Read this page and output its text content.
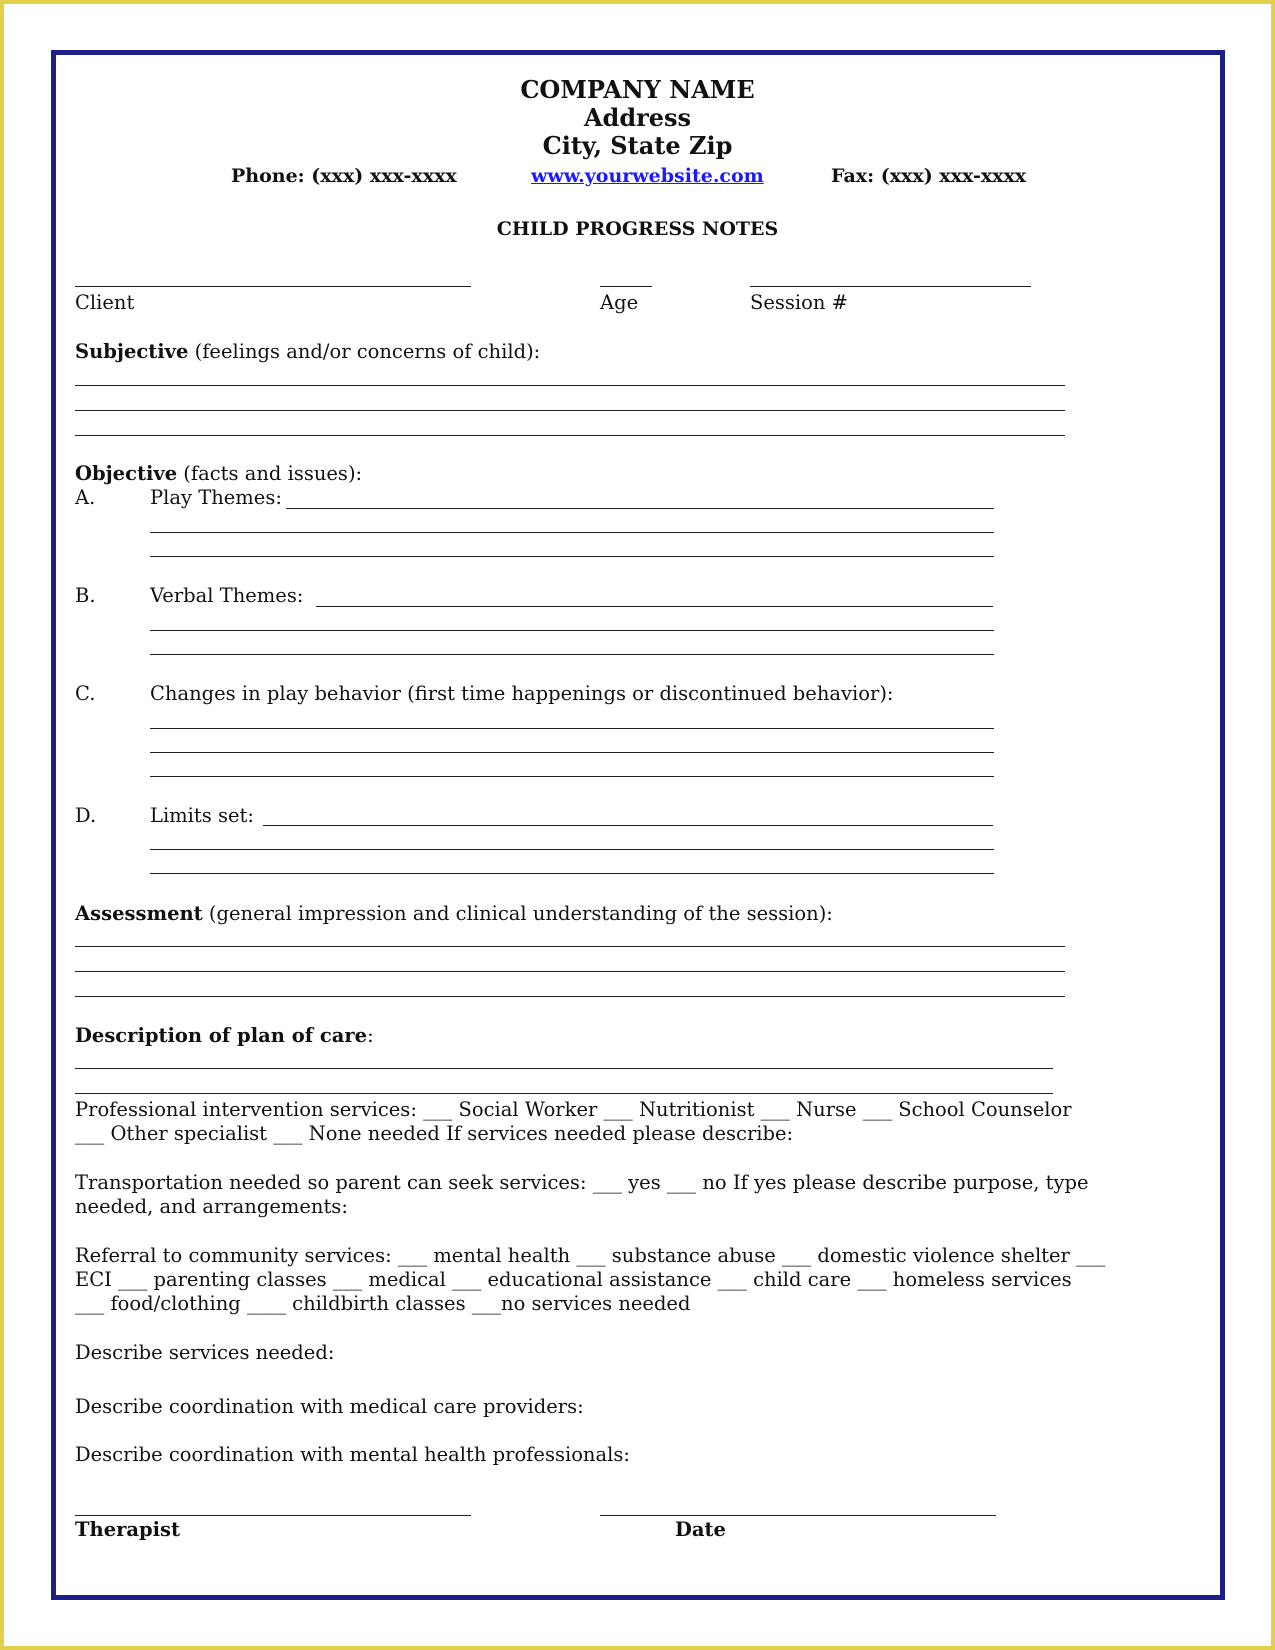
COMPANY NAME
Address
City, State Zip
Phone: (xxx) xxx-xxxx	www.yourwebsite.com	Fax: (xxx) xxx-xxxx
CHILD PROGRESS NOTES
Client	Age	Session #
Subjective (feelings and/or concerns of child):
Objective (facts and issues):
A.	Play Themes:
B.	Verbal Themes:
C.	Changes in play behavior (first time happenings or discontinued behavior):
D.	Limits set:
Assessment (general impression and clinical understanding of the session):
Description of plan of care:
Professional intervention services: ___ Social Worker ___ Nutritionist ___ Nurse ___ School Counselor
___ Other specialist ___ None needed If services needed please describe:
Transportation needed so parent can seek services: ___ yes ___ no If yes please describe purpose, type
needed, and arrangements:
Referral to community services: ___ mental health ___ substance abuse ___ domestic violence shelter ___
ECI ___ parenting classes ___ medical ___ educational assistance ___ child care ___ homeless services
___ food/clothing ____ childbirth classes ___no services needed
Describe services needed:
Describe coordination with medical care providers:
Describe coordination with mental health professionals:
Therapist	Date
